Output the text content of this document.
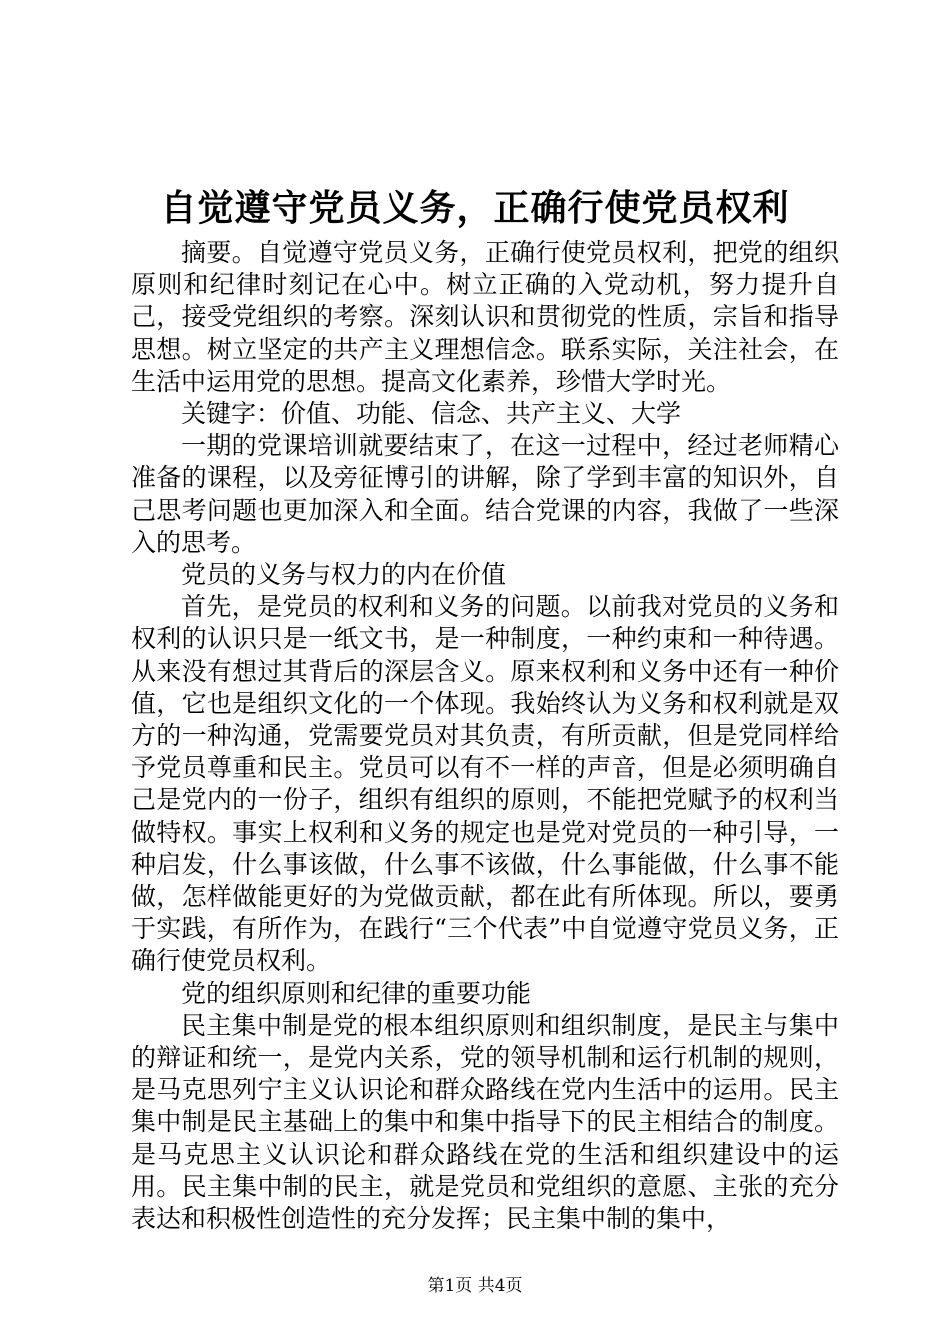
自觉遵守党员义务，正确行使党员权利

摘要。自觉遵守党员义务，正确行使党员权利，把党的组织原则和纪律时刻记在心中。树立正确的入党动机，努力提升自己，接受党组织的考察。深刻认识和贯彻党的性质，宗旨和指导思想。树立坚定的共产主义理想信念。联系实际，关注社会，在生活中运用党的思想。提高文化素养，珍惜大学时光。

关键字：价值、功能、信念、共产主义、大学

一期的党课培训就要结束了，在这一过程中，经过老师精心准备的课程，以及旁征博引的讲解，除了学到丰富的知识外，自己思考问题也更加深入和全面。结合党课的内容，我做了一些深入的思考。

党员的义务与权力的内在价值

首先，是党员的权利和义务的问题。以前我对党员的义务和权利的认识只是一纸文书，是一种制度，一种约束和一种待遇。从来没有想过其背后的深层含义。原来权利和义务中还有一种价值，它也是组织文化的一个体现。我始终认为义务和权利就是双方的一种沟通，党需要党员对其负责，有所贡献，但是党同样给予党员尊重和民主。党员可以有不一样的声音，但是必须明确自己是党内的一份子，组织有组织的原则，不能把党赋予的权利当做特权。事实上权利和义务的规定也是党对党员的一种引导，一种启发，什么事该做，什么事不该做，什么事能做，什么事不能做，怎样做能更好的为党做贡献，都在此有所体现。所以，要勇于实践，有所作为，在践行“三个代表”中自觉遵守党员义务，正确行使党员权利。

党的组织原则和纪律的重要功能

民主集中制是党的根本组织原则和组织制度，是民主与集中的辩证和统一，是党内关系，党的领导机制和运行机制的规则，是马克思列宁主义认识论和群众路线在党内生活中的运用。民主集中制是民主基础上的集中和集中指导下的民主相结合的制度。是马克思主义认识论和群众路线在党的生活和组织建设中的运用。民主集中制的民主，就是党员和党组织的意愿、主张的充分表达和积极性创造性的充分发挥；民主集中制的集中，

第1页 共4页
